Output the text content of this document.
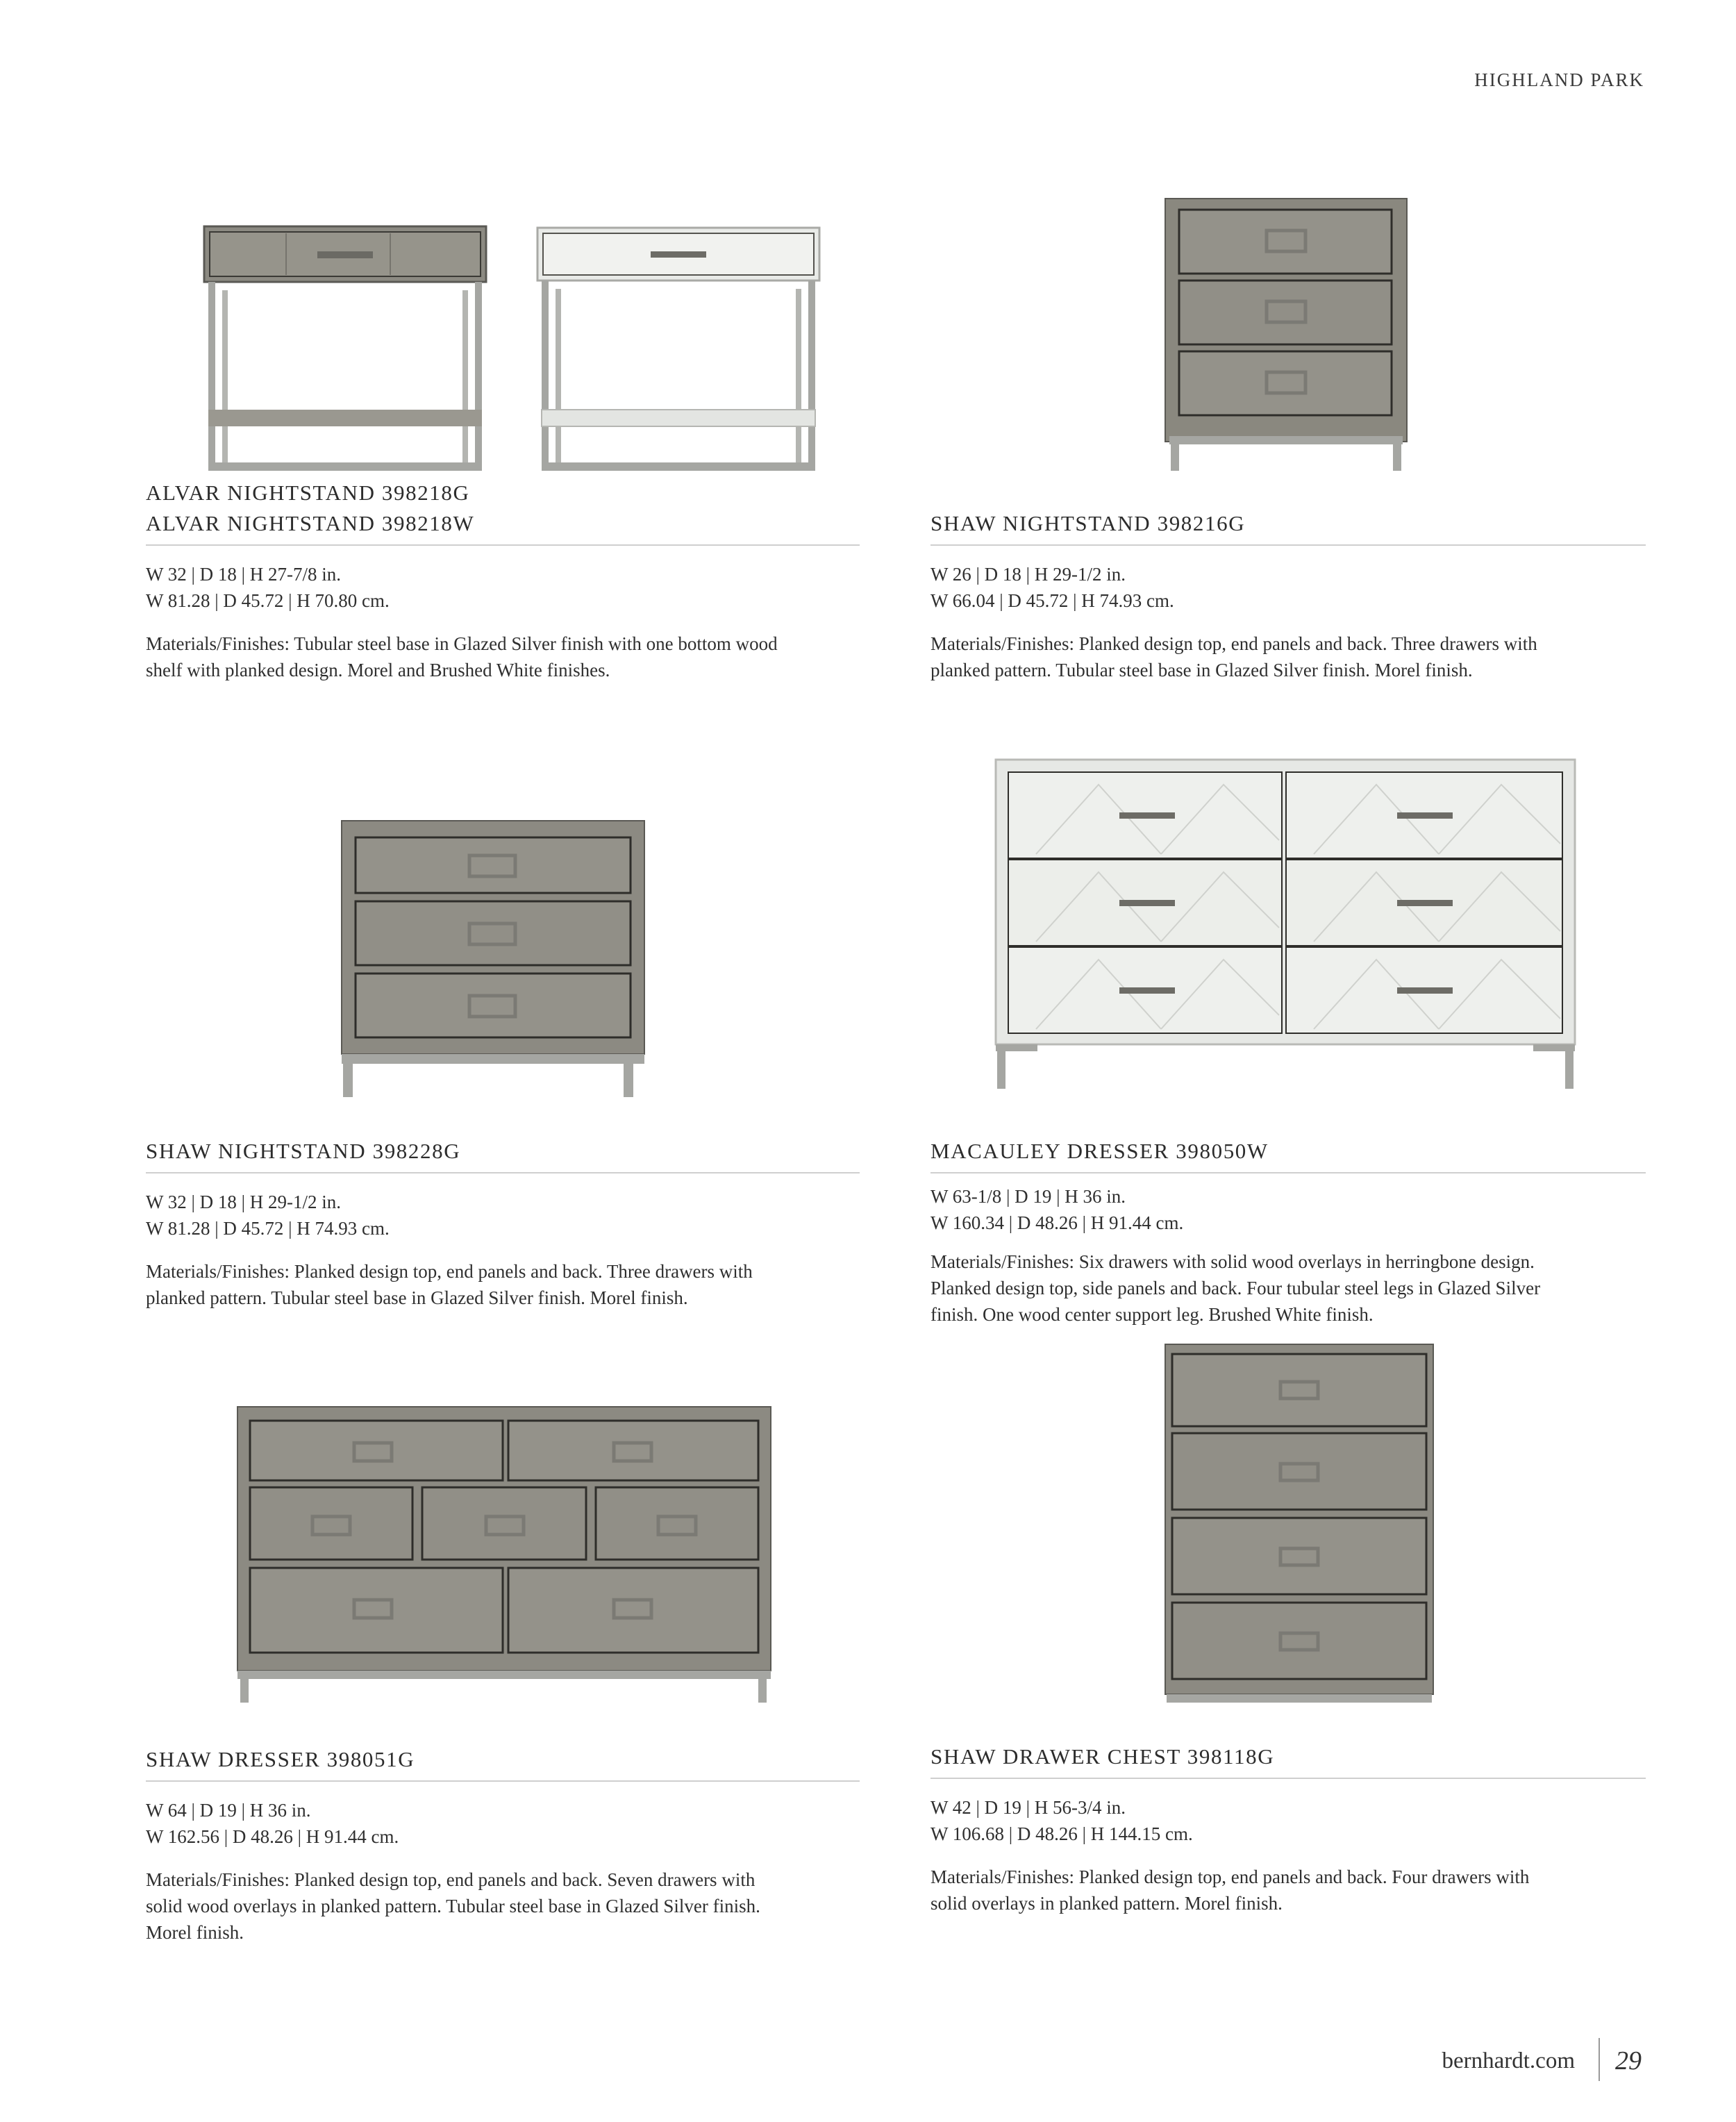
HIGHLAND PARK
ALVAR NIGHTSTAND 398218G
ALVAR NIGHTSTAND 398218W
W 32 | D 18 | H 27-7/8 in.
W 81.28 | D 45.72 | H 70.80 cm.
Materials/Finishes: Tubular steel base in Glazed Silver finish with one bottom wood
shelf with planked design. Morel and Brushed White finishes.
SHAW NIGHTSTAND 398216G
W 26 | D 18 | H 29-1/2 in.
W 66.04 | D 45.72 | H 74.93 cm.
Materials/Finishes: Planked design top, end panels and back. Three drawers with
planked pattern. Tubular steel base in Glazed Silver finish. Morel finish.
SHAW NIGHTSTAND 398228G
W 32 | D 18 | H 29-1/2 in.
W 81.28 | D 45.72 | H 74.93 cm.
Materials/Finishes: Planked design top, end panels and back. Three drawers with
planked pattern. Tubular steel base in Glazed Silver finish. Morel finish.
MACAULEY DRESSER 398050W
W 63-1/8 | D 19 | H 36 in.
W 160.34 | D 48.26 | H 91.44 cm.
Materials/Finishes: Six drawers with solid wood overlays in herringbone design.
Planked design top, side panels and back. Four tubular steel legs in Glazed Silver
finish. One wood center support leg. Brushed White finish.
SHAW DRESSER 398051G
W 64 | D 19 | H 36 in.
W 162.56 | D 48.26 | H 91.44 cm.
Materials/Finishes: Planked design top, end panels and back. Seven drawers with
solid wood overlays in planked pattern. Tubular steel base in Glazed Silver finish.
Morel finish.
SHAW DRAWER CHEST 398118G
W 42 | D 19 | H 56-3/4 in.
W 106.68 | D 48.26 | H 144.15 cm.
Materials/Finishes: Planked design top, end panels and back. Four drawers with
solid overlays in planked pattern. Morel finish.
bernhardt.com 29
